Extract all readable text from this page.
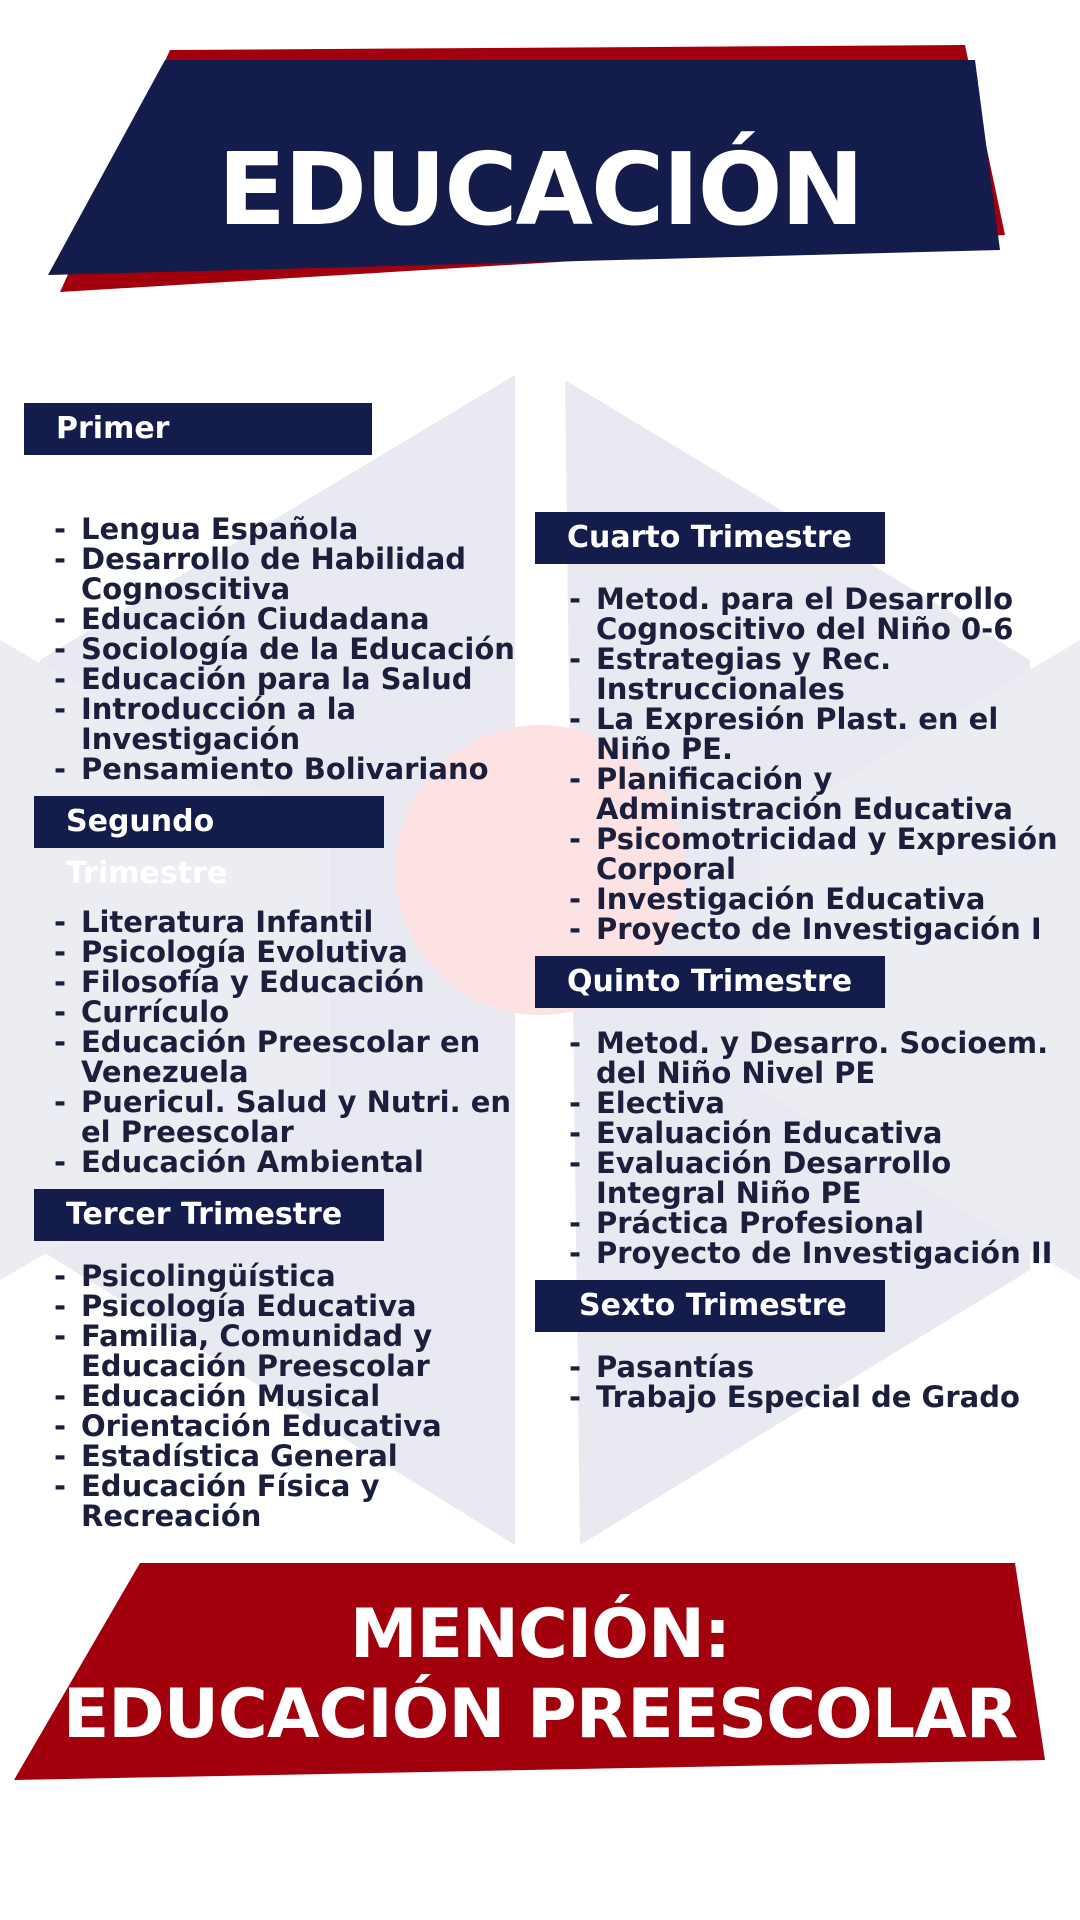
EDUCACIÓN
Primer Trimestre
- Lengua Española
- Desarrollo de Habilidad Cognoscitiva
- Educación Ciudadana
- Sociología de la Educación
- Educación para la Salud
- Introducción a la Investigación
- Pensamiento Bolivariano
Segundo Trimestre
- Literatura Infantil
- Psicología Evolutiva
- Filosofía y Educación
- Currículo
- Educación Preescolar en Venezuela
- Puericul. Salud y Nutri. en el Preescolar
- Educación Ambiental
Tercer Trimestre
- Psicolingüística
- Psicología Educativa
- Familia, Comunidad y Educación Preescolar
- Educación Musical
- Orientación Educativa
- Estadística General
- Educación Física y Recreación
Cuarto Trimestre
- Metod. para el Desarrollo Cognoscitivo del Niño 0-6
- Estrategias y Rec. Instruccionales
- La Expresión Plast. en el Niño PE.
- Planificación y Administración Educativa
- Psicomotricidad y Expresión Corporal
- Investigación Educativa
- Proyecto de Investigación I
Quinto Trimestre
- Metod. y Desarro. Socioem. del Niño Nivel PE
- Electiva
- Evaluación Educativa
- Evaluación Desarrollo Integral Niño PE
- Práctica Profesional
- Proyecto de Investigación II
Sexto Trimestre
- Pasantías
- Trabajo Especial de Grado
MENCIÓN:
EDUCACIÓN PREESCOLAR
